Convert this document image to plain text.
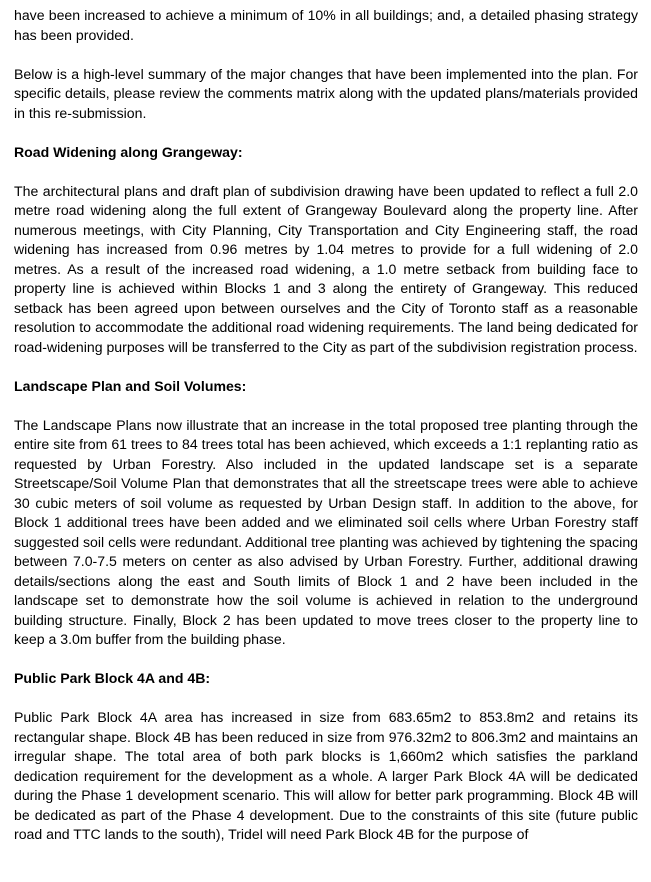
have been increased to achieve a minimum of 10% in all buildings; and, a detailed phasing strategy has been provided.

Below is a high-level summary of the major changes that have been implemented into the plan. For specific details, please review the comments matrix along with the updated plans/materials provided in this re-submission.

Road Widening along Grangeway:

The architectural plans and draft plan of subdivision drawing have been updated to reflect a full 2.0 metre road widening along the full extent of Grangeway Boulevard along the property line. After numerous meetings, with City Planning, City Transportation and City Engineering staff, the road widening has increased from 0.96 metres by 1.04 metres to provide for a full widening of 2.0 metres. As a result of the increased road widening, a 1.0 metre setback from building face to property line is achieved within Blocks 1 and 3 along the entirety of Grangeway. This reduced setback has been agreed upon between ourselves and the City of Toronto staff as a reasonable resolution to accommodate the additional road widening requirements. The land being dedicated for road-widening purposes will be transferred to the City as part of the subdivision registration process.

Landscape Plan and Soil Volumes:

The Landscape Plans now illustrate that an increase in the total proposed tree planting through the entire site from 61 trees to 84 trees total has been achieved, which exceeds a 1:1 replanting ratio as requested by Urban Forestry. Also included in the updated landscape set is a separate Streetscape/Soil Volume Plan that demonstrates that all the streetscape trees were able to achieve 30 cubic meters of soil volume as requested by Urban Design staff. In addition to the above, for Block 1 additional trees have been added and we eliminated soil cells where Urban Forestry staff suggested soil cells were redundant. Additional tree planting was achieved by tightening the spacing between 7.0-7.5 meters on center as also advised by Urban Forestry. Further, additional drawing details/sections along the east and South limits of Block 1 and 2 have been included in the landscape set to demonstrate how the soil volume is achieved in relation to the underground building structure. Finally, Block 2 has been updated to move trees closer to the property line to keep a 3.0m buffer from the building phase.

Public Park Block 4A and 4B:

Public Park Block 4A area has increased in size from 683.65m2 to 853.8m2 and retains its rectangular shape. Block 4B has been reduced in size from 976.32m2 to 806.3m2 and maintains an irregular shape. The total area of both park blocks is 1,660m2 which satisfies the parkland dedication requirement for the development as a whole. A larger Park Block 4A will be dedicated during the Phase 1 development scenario. This will allow for better park programming. Block 4B will be dedicated as part of the Phase 4 development. Due to the constraints of this site (future public road and TTC lands to the south), Tridel will need Park Block 4B for the purpose of
